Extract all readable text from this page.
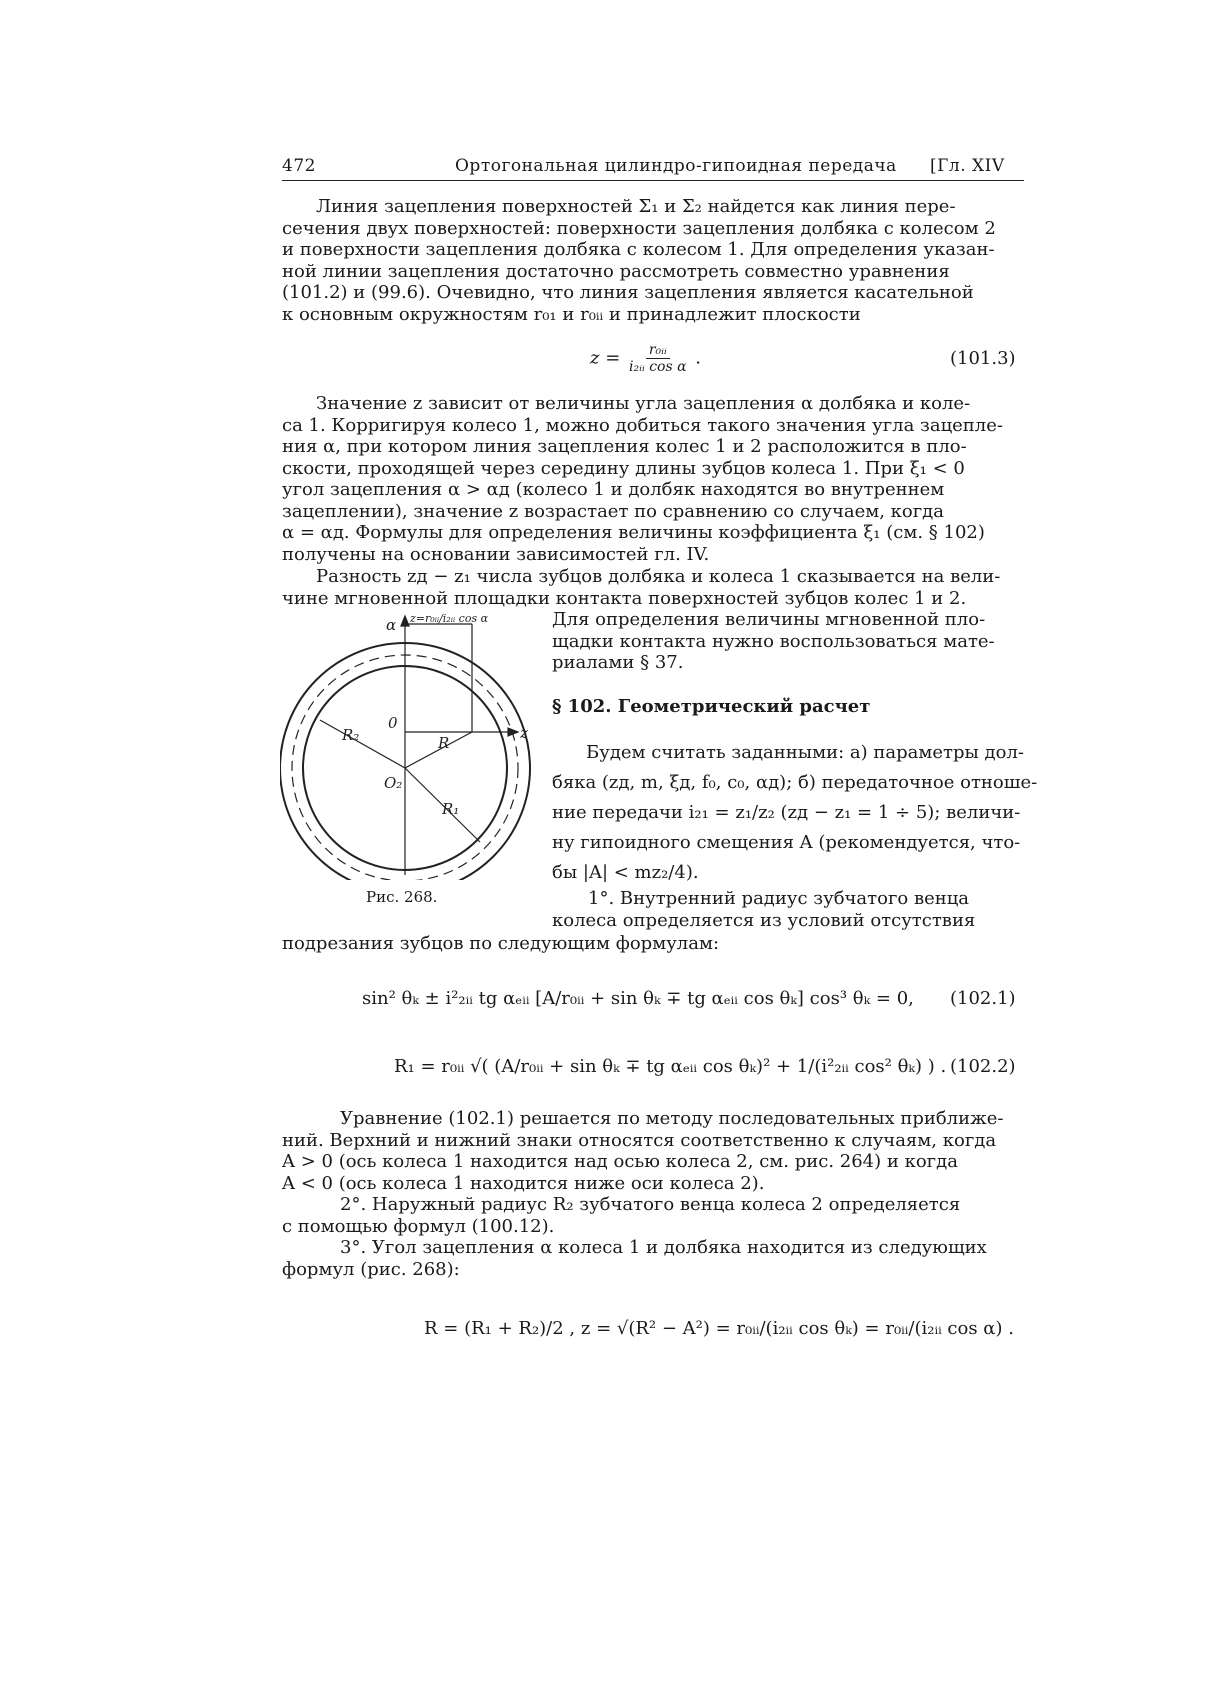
472	Ортогональная цилиндро-гипоидная передача [Гл. XIV
Линия зацепления поверхностей Σ₁ и Σ₂ найдется как линия пере-
сечения двух поверхностей: поверхности зацепления долбяка с колесом 2
и поверхности зацепления долбяка с колесом 1. Для определения указан-
ной линии зацепления достаточно рассмотреть совместно уравнения
(101.2) и (99.6). Очевидно, что линия зацепления является касательной
к основным окружностям r₀₁ и r₀ᵢᵢ и принадлежит плоскости
$z = \frac{\text{r₀ᵢᵢ}}{\text{i₂ᵢᵢ cos α}}$ .	(101.3)
Значение z зависит от величины угла зацепления α долбяка и коле-
са 1. Корригируя колесо 1, можно добиться такого значения угла зацепле-
ния α, при котором линия зацепления колес 1 и 2 расположится в пло-
скости, проходящей через середину длины зубцов колеса 1. При ξ₁ < 0
угол зацепления α > αд (колесо 1 и долбяк находятся во внутреннем
зацеплении), значение z возрастает по сравнению со случаем, когда
α = αд. Формулы для определения величины коэффициента ξ₁ (см. § 102)
получены на основании зависимостей гл. IV.
Разность zд − z₁ числа зубцов долбяка и колеса 1 сказывается на вели-
чине мгновенной площадки контакта поверхностей зубцов колес 1 и 2.
Для определения величины мгновенной пло-
щадки контакта нужно воспользоваться мате-
риалами § 37.
§ 102. Геометрический расчет
Будем считать заданными: а) параметры дол-
бяка (zд, m, ξд, f₀, c₀, αд); б) передаточное отноше-
ние передачи i₂₁ = z₁/z₂ (zд − z₁ = 1 ÷ 5); величи-
ну гипоидного смещения A (рекомендуется, что-
бы |A| < mz₂/4).
α
z
z=r₀ᵢᵢ/i₂ᵢᵢ cos α
0
O₂
R
R₁
R₂
Рис. 268.	1°. Внутренний радиус зубчатого венца
колеса определяется из условий отсутствия
подрезания зубцов по следующим формулам:
sin² θₖ ± i²₂ᵢᵢ tg αₑᵢᵢ [A/r₀ᵢᵢ + sin θₖ ∓ tg αₑᵢᵢ cos θₖ] cos³ θₖ = 0, (102.1)
R₁ = r₀ᵢᵢ √( (A/r₀ᵢᵢ + sin θₖ ∓ tg αₑᵢᵢ cos θₖ)² + 1/(i²₂ᵢᵢ cos² θₖ) ) . (102.2)
Уравнение (102.1) решается по методу последовательных приближе-
ний. Верхний и нижний знаки относятся соответственно к случаям, когда
A > 0 (ось колеса 1 находится над осью колеса 2, см. рис. 264) и когда
A < 0 (ось колеса 1 находится ниже оси колеса 2).
2°. Наружный радиус R₂ зубчатого венца колеса 2 определяется
с помощью формул (100.12).
3°. Угол зацепления α колеса 1 и долбяка находится из следующих
формул (рис. 268):
R = (R₁ + R₂)/2 , z = √(R² − A²) = r₀ᵢᵢ/(i₂ᵢᵢ cos θₖ) = r₀ᵢᵢ/(i₂ᵢᵢ cos α) .
